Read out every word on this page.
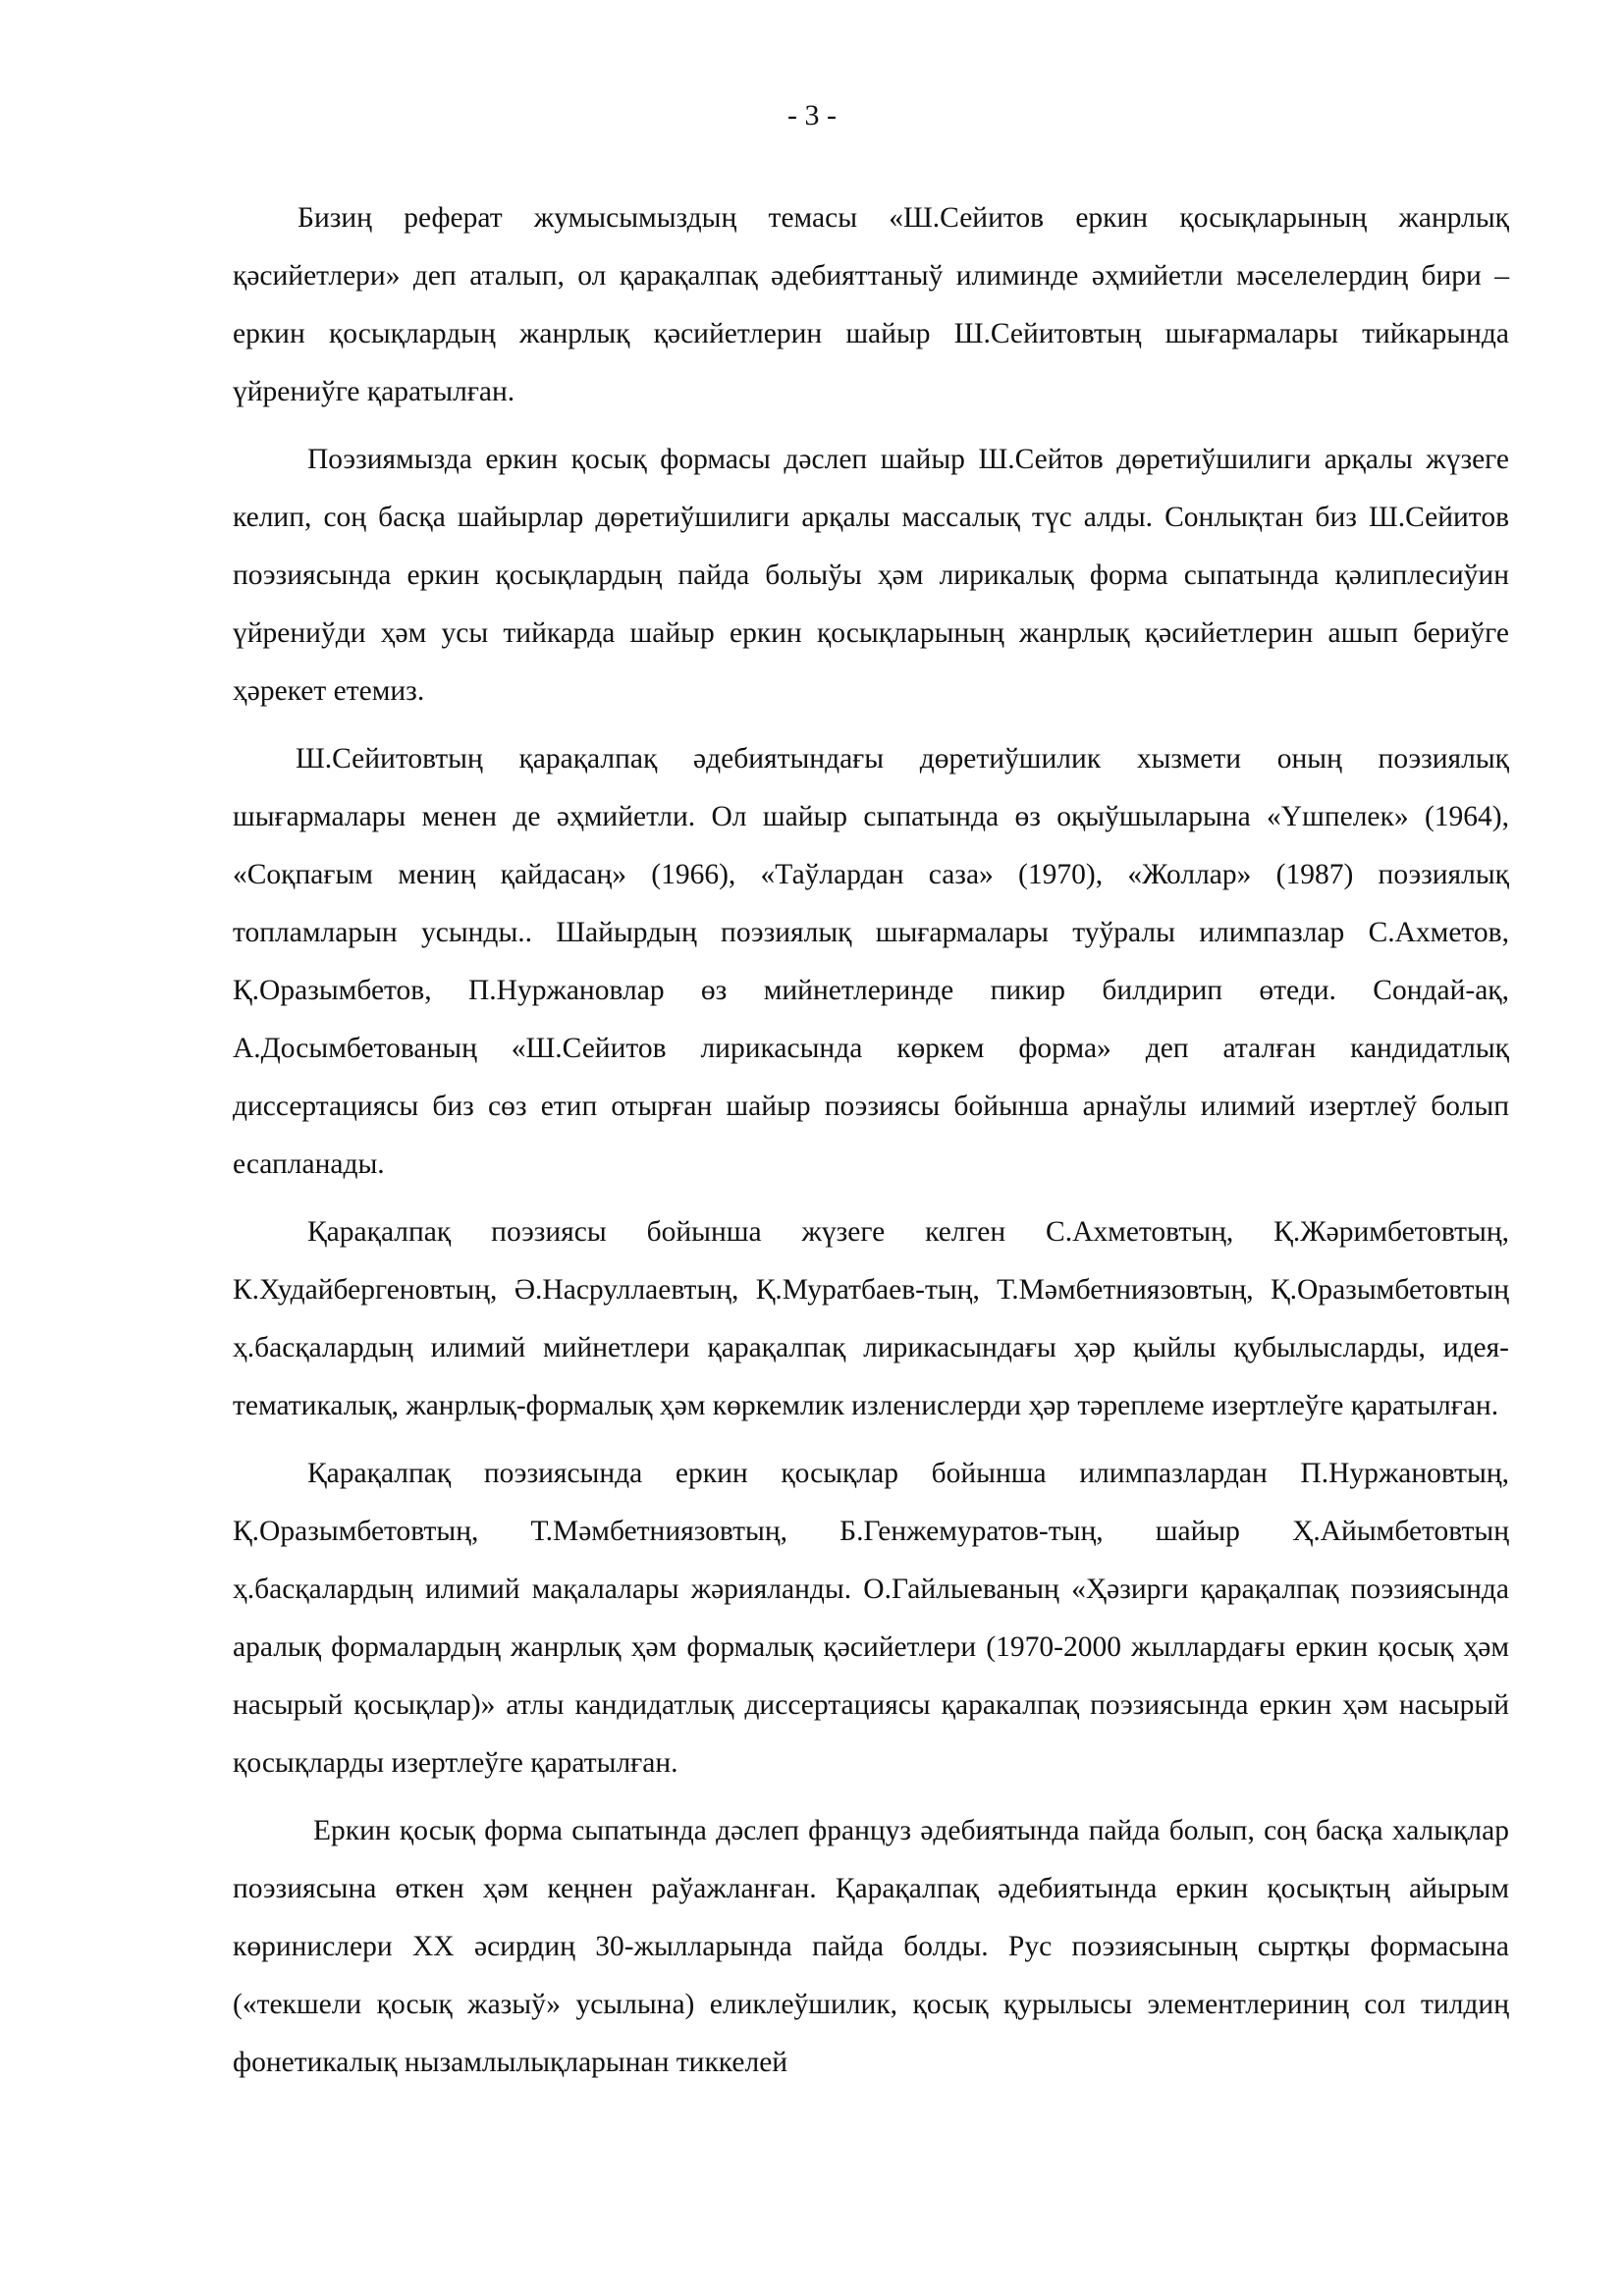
- 3 -

Бизиң реферат жумысымыздың темасы «Ш.Сейитов еркин қосықларының жанрлық қәсийетлери» деп аталып, ол қарақалпақ әдебияттаныў илиминде әҳмийетли мәселелердиң бири – еркин қосықлардың жанрлық қәсийетлерин шайыр Ш.Сейитовтың шығармалары тийкарында үйрениўге қаратылған.

Поэзиямызда еркин қосық формасы дәслеп шайыр Ш.Сейтов дөретиўшилиги арқалы жүзеге келип, соң басқа шайырлар дөретиўшилиги арқалы массалық түс алды. Сонлықтан биз Ш.Сейитов поэзиясында еркин қосықлардың пайда болыўы ҳәм лирикалық форма сыпатында қәлиплесиўин үйрениўди ҳәм усы тийкарда шайыр еркин қосықларының жанрлық қәсийетлерин ашып бериўге ҳәрекет етемиз.

Ш.Сейитовтың қарақалпақ әдебиятындағы дөретиўшилик хызмети оның поэзиялық шығармалары менен де әҳмийетли. Ол шайыр сыпатында өз оқыўшыларына «Үшпелек» (1964), «Соқпағым мениң қайдасаң» (1966), «Таўлардан саза» (1970), «Жоллар» (1987) поэзиялық топламларын усынды.. Шайырдың поэзиялық шығармалары туўралы илимпазлар С.Ахметов, Қ.Оразымбетов, П.Нуржановлар өз мийнетлеринде пикир билдирип өтеди. Сондай-ақ, А.Досымбетованың «Ш.Сейитов лирикасында көркем форма» деп аталған кандидатлық диссертациясы биз сөз етип отырған шайыр поэзиясы бойынша арнаўлы илимий изертлеў болып есапланады.

Қарақалпақ поэзиясы бойынша жүзеге келген С.Ахметовтың, Қ.Жәримбетовтың, К.Худайбергеновтың, Ә.Насруллаевтың, Қ.Муратбаев-тың, Т.Мәмбетниязовтың, Қ.Оразымбетовтың ҳ.басқалардың илимий мийнетлери қарақалпақ лирикасындағы ҳәр қыйлы қубылысларды, идея-тематикалық, жанрлық-формалық ҳәм көркемлик изленислерди ҳәр тәреплеме изертлеўге қаратылған.

Қарақалпақ поэзиясында еркин қосықлар бойынша илимпазлардан П.Нуржановтың, Қ.Оразымбетовтың, Т.Мәмбетниязовтың, Б.Генжемуратов-тың, шайыр Ҳ.Айымбетовтың ҳ.басқалардың илимий мақалалары жәрияланды. О.Гайлыеваның «Ҳәзирги қарақалпақ поэзиясында аралық формалардың жанрлық ҳәм формалық қәсийетлери (1970-2000 жыллардағы еркин қосық ҳәм насырый қосықлар)» атлы кандидатлық диссертациясы қаракалпақ поэзиясында еркин ҳәм насырый қосықларды изертлеўге қаратылған.

Еркин қосық форма сыпатында дәслеп француз әдебиятында пайда болып, соң басқа халықлар поэзиясына өткен ҳәм кеңнен раўажланған. Қарақалпақ әдебиятында еркин қосықтың айырым көринислери ХХ әсирдиң 30-жылларында пайда болды. Рус поэзиясының сыртқы формасына («текшели қосық жазыў» усылына) еликлеўшилик, қосық қурылысы элементлериниң сол тилдиң фонетикалық нызамлылықларынан тиккелей
